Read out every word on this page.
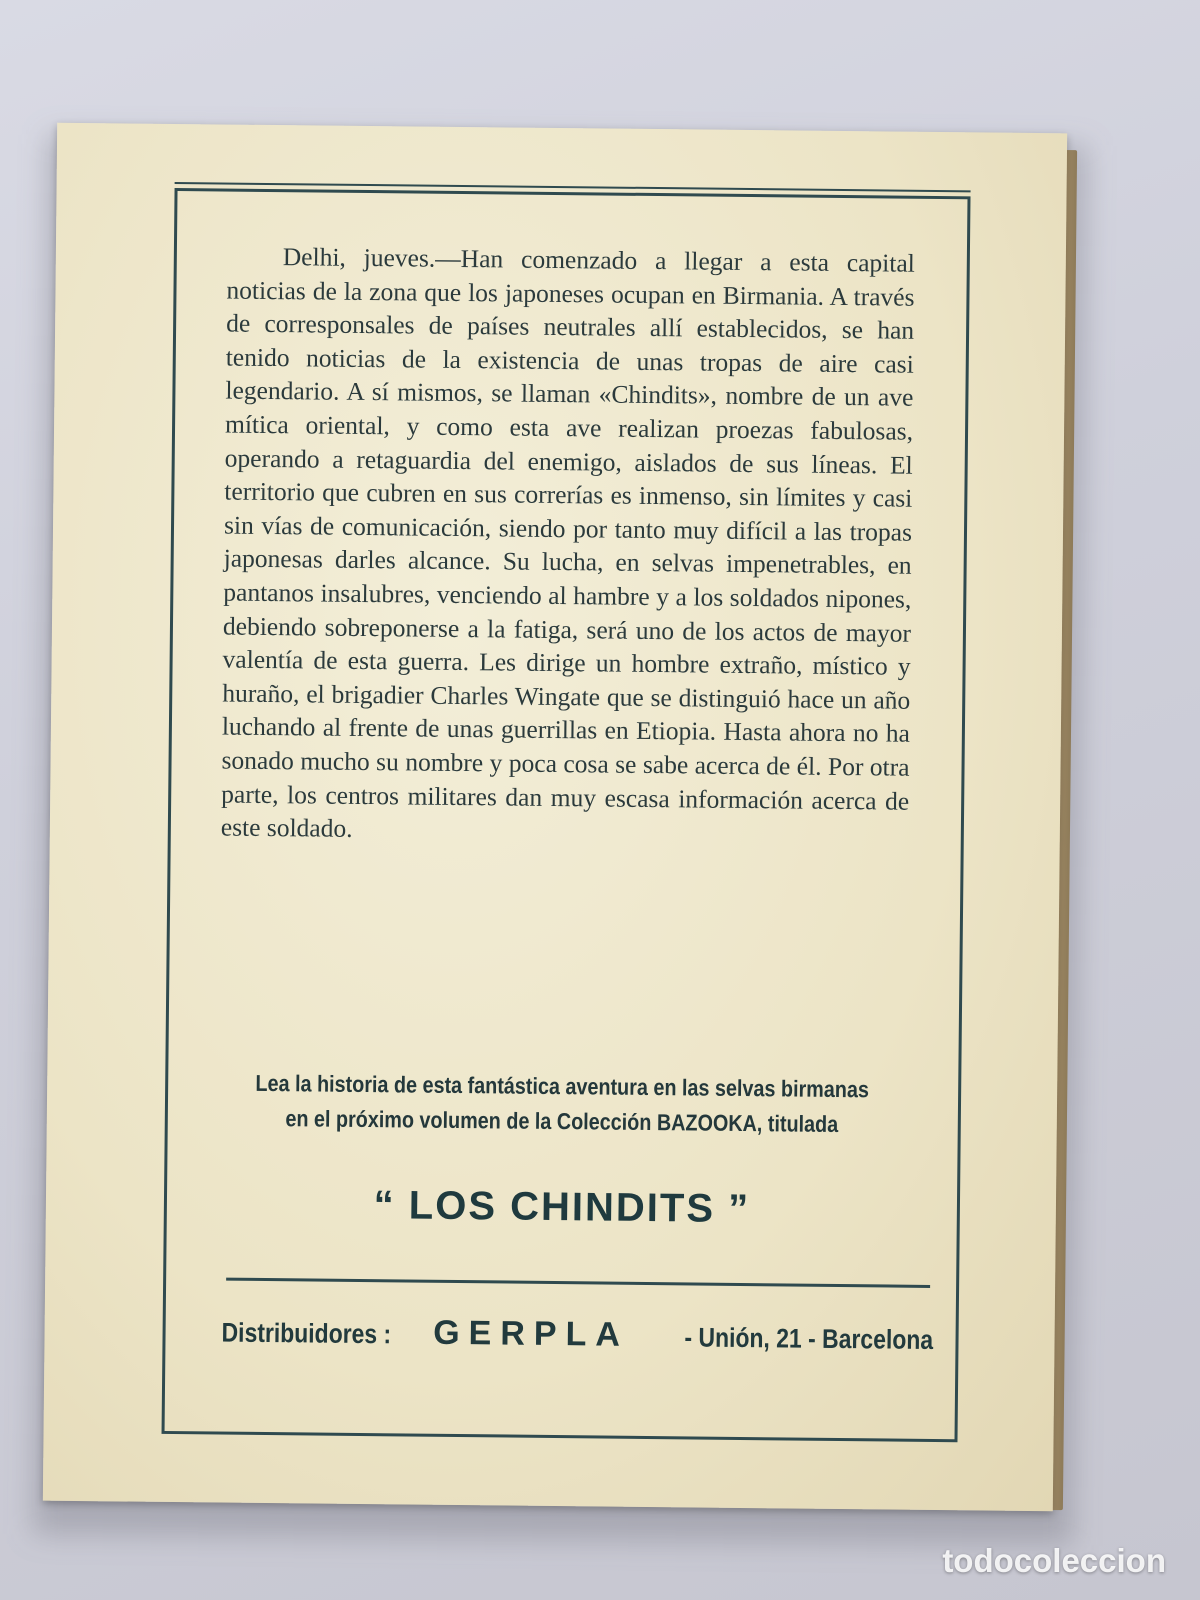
Delhi, jueves.—Han comenzado a llegar a esta capital noticias de la zona que los japoneses ocupan en Birmania. A través de corresponsales de países neutrales allí establecidos, se han tenido noticias de la existencia de unas tropas de aire casi legendario. A sí mismos, se llaman «Chindits», nombre de un ave mítica oriental, y como esta ave realizan proezas fabulosas, operando a retaguardia del enemigo, aislados de sus líneas. El territorio que cubren en sus correrías es inmenso, sin límites y casi sin vías de comunicación, siendo por tanto muy difícil a las tropas japonesas darles alcance. Su lucha, en selvas impenetrables, en pantanos insalubres, venciendo al hambre y a los soldados nipones, debiendo sobreponerse a la fatiga, será uno de los actos de mayor valentía de esta guerra. Les dirige un hombre extraño, místico y huraño, el brigadier Charles Wingate que se distinguió hace un año luchando al frente de unas guerrillas en Etiopia. Hasta ahora no ha sonado mucho su nombre y poca cosa se sabe acerca de él. Por otra parte, los centros militares dan muy escasa información acerca de este soldado.
Lea la historia de esta fantástica aventura en las selvas birmanas en el próximo volumen de la Colección BAZOOKA, titulada
“ LOS CHINDITS ”
Distribuidores : GERPLA - Unión, 21 - Barcelona
todocoleccion
